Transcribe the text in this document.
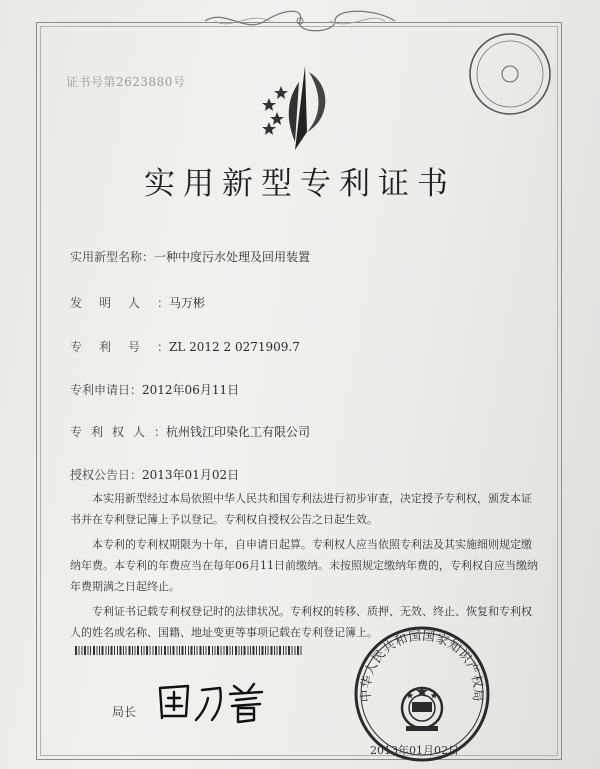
证书号第2623880号
实用新型专利证书
实用新型名称：一种中度污水处理及回用装置
发明人：马万彬
专利号：ZL 2012 2 0271909.7
专利申请日：2012年06月11日
专利权人：杭州钱江印染化工有限公司
授权公告日：2013年01月02日

本实用新型经过本局依照中华人民共和国专利法进行初步审查，决定授予专利权，颁发本证书并在专利登记簿上予以登记。专利权自授权公告之日起生效。

本专利的专利权期限为十年，自申请日起算。专利权人应当依照专利法及其实施细则规定缴纳年费。本专利的年费应当在每年06月11日前缴纳。未按照规定缴纳年费的，专利权自应当缴纳年费期满之日起终止。

专利证书记载专利权登记时的法律状况。专利权的转移、质押、无效、终止、恢复和专利权人的姓名或名称、国籍、地址变更等事项记载在专利登记簿上。

局长
中华人民共和国国家知识产权局
2013年01月02日
